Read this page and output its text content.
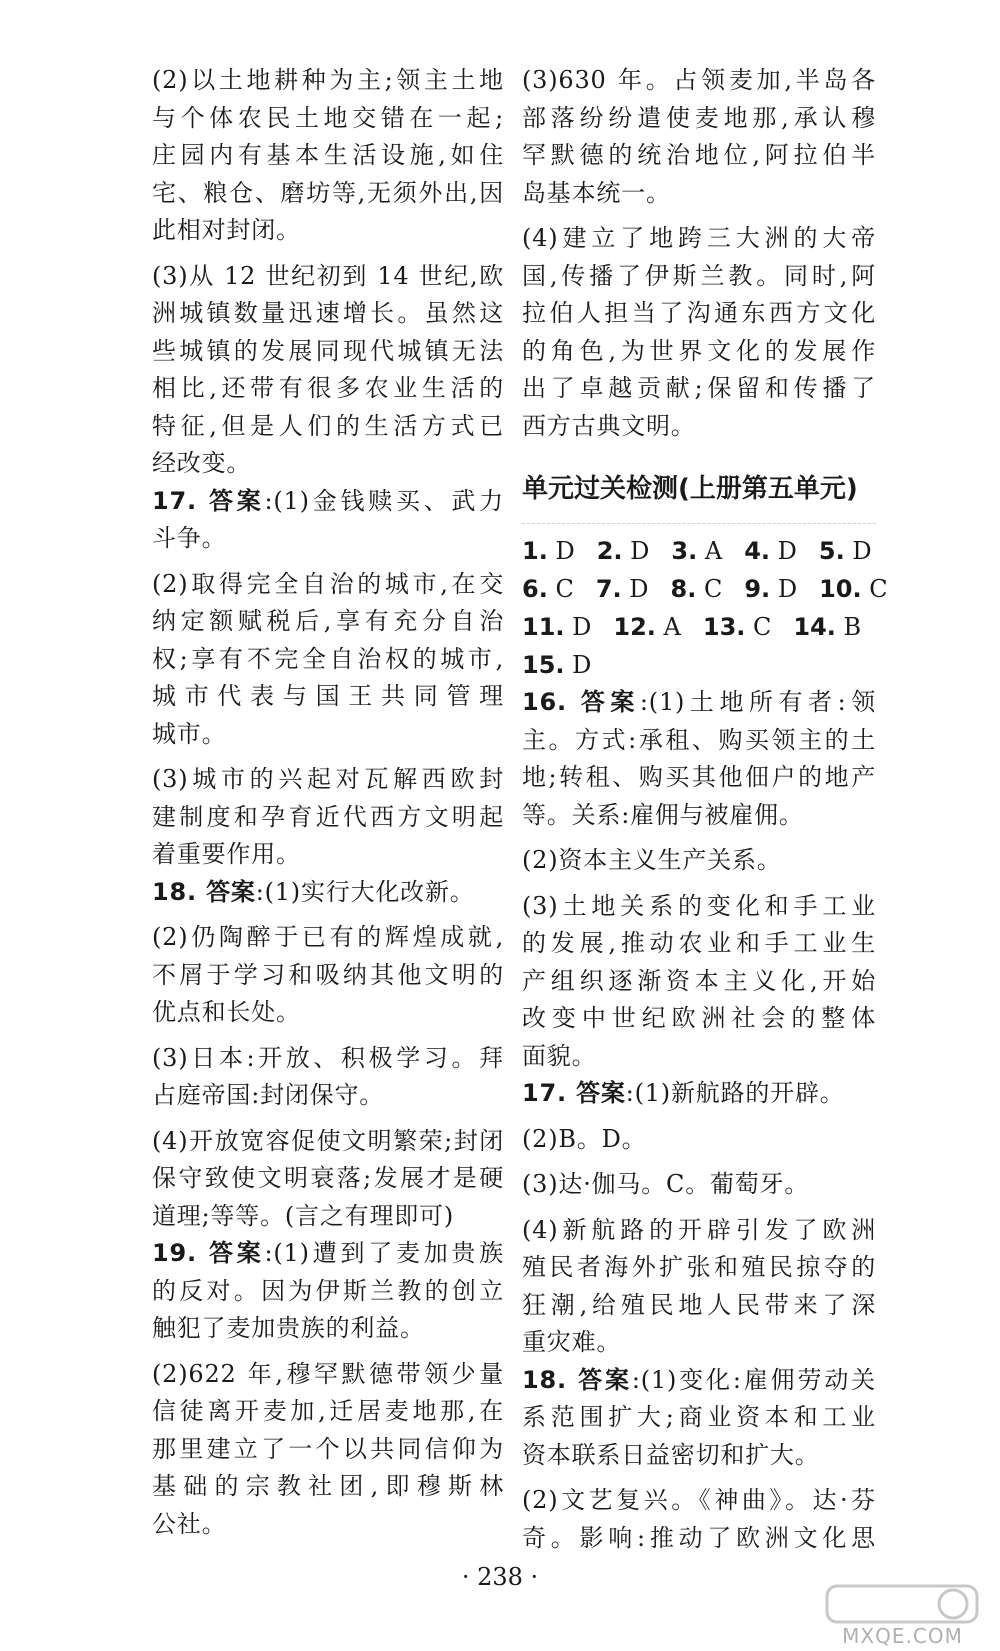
(2)以土地耕种为主;领主土地
与个体农民土地交错在一起;
庄园内有基本生活设施,如住
宅、粮仓、磨坊等,无须外出,因
此相对封闭。
(3)从 12 世纪初到 14 世纪,欧
洲城镇数量迅速增长。虽然这
些城镇的发展同现代城镇无法
相比,还带有很多农业生活的
特征,但是人们的生活方式已
经改变。
17. 答案:(1)金钱赎买、武力
斗争。
(2)取得完全自治的城市,在交
纳定额赋税后,享有充分自治
权;享有不完全自治权的城市,
城市代表与国王共同管理
城市。
(3)城市的兴起对瓦解西欧封
建制度和孕育近代西方文明起
着重要作用。
18. 答案:(1)实行大化改新。
(2)仍陶醉于已有的辉煌成就,
不屑于学习和吸纳其他文明的
优点和长处。
(3)日本:开放、积极学习。拜
占庭帝国:封闭保守。
(4)开放宽容促使文明繁荣;封闭
保守致使文明衰落;发展才是硬
道理;等等。(言之有理即可)
19. 答案:(1)遭到了麦加贵族
的反对。因为伊斯兰教的创立
触犯了麦加贵族的利益。
(2)622 年,穆罕默德带领少量
信徒离开麦加,迁居麦地那,在
那里建立了一个以共同信仰为
基础的宗教社团,即穆斯林
公社。
(3)630 年。占领麦加,半岛各
部落纷纷遣使麦地那,承认穆
罕默德的统治地位,阿拉伯半
岛基本统一。
(4)建立了地跨三大洲的大帝
国,传播了伊斯兰教。同时,阿
拉伯人担当了沟通东西方文化
的角色,为世界文化的发展作
出了卓越贡献;保留和传播了
西方古典文明。
单元过关检测(上册第五单元)
1. D 2. D 3. A 4. D 5. D
6. C 7. D 8. C 9. D 10. C
11. D 12. A 13. C 14. B
15. D
16. 答案:(1)土地所有者:领
主。方式:承租、购买领主的土
地;转租、购买其他佃户的地产
等。关系:雇佣与被雇佣。
(2)资本主义生产关系。
(3)土地关系的变化和手工业
的发展,推动农业和手工业生
产组织逐渐资本主义化,开始
改变中世纪欧洲社会的整体
面貌。
17. 答案:(1)新航路的开辟。
(2)B。D。
(3)达·伽马。C。葡萄牙。
(4)新航路的开辟引发了欧洲
殖民者海外扩张和殖民掠夺的
狂潮,给殖民地人民带来了深
重灾难。
18. 答案:(1)变化:雇佣劳动关
系范围扩大;商业资本和工业
资本联系日益密切和扩大。
(2)文艺复兴。《神曲》。达·芬
奇。影响:推动了欧洲文化思
· 238 ·
MXQE.COM
